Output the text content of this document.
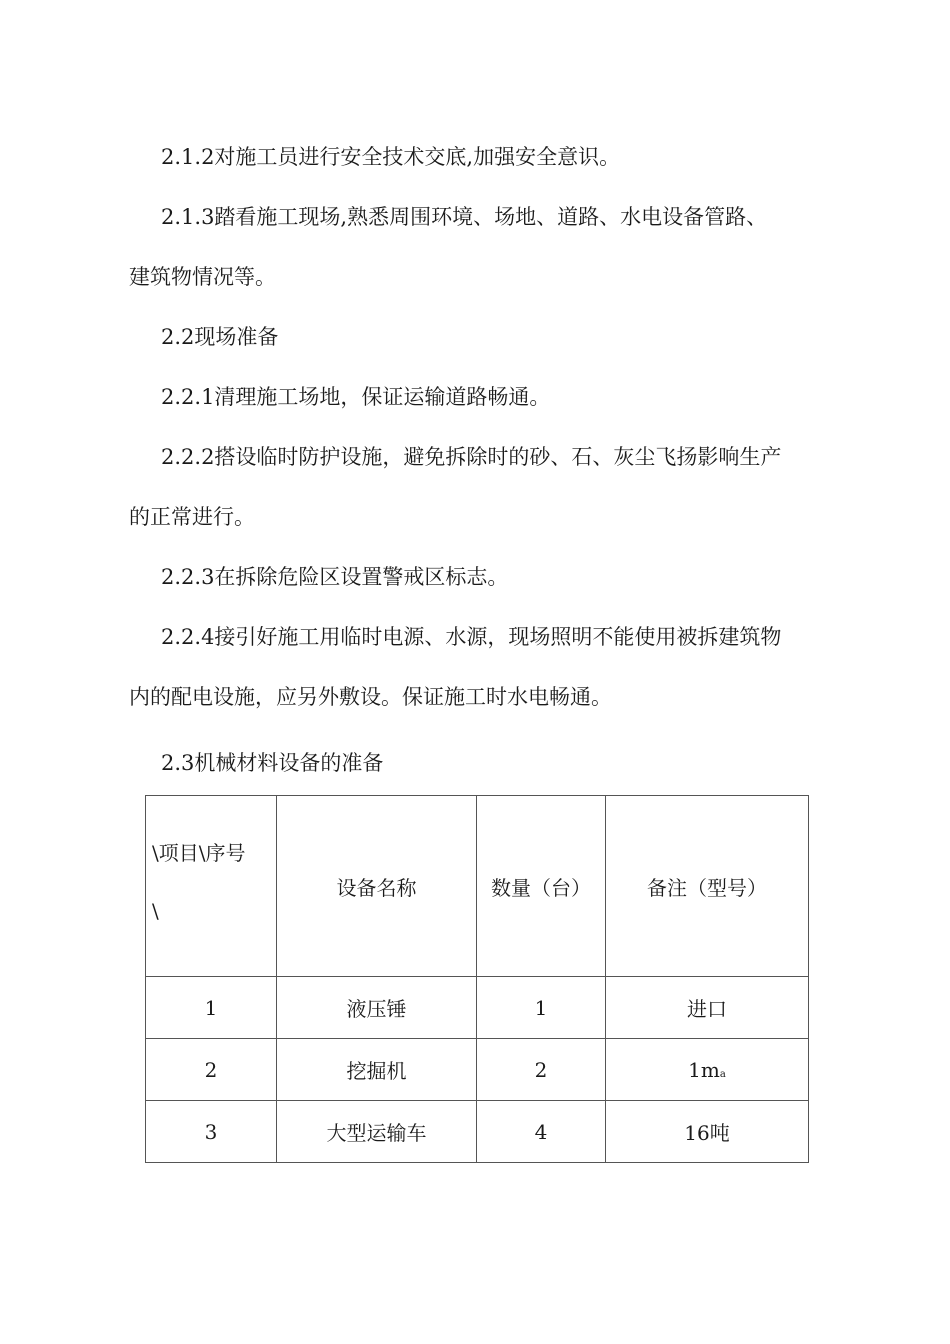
2.1.2对施工员进行安全技术交底,加强安全意识。

2.1.3踏看施工现场,熟悉周围环境、场地、道路、水电设备管路、

建筑物情况等。

2.2现场准备

2.2.1清理施工场地，保证运输道路畅通。

2.2.2搭设临时防护设施，避免拆除时的砂、石、灰尘飞扬影响生产

的正常进行。

2.2.3在拆除危险区设置警戒区标志。

2.2.4接引好施工用临时电源、水源，现场照明不能使用被拆建筑物

内的配电设施，应另外敷设。保证施工时水电畅通。

2.3机械材料设备的准备

\项目\序号
\	设备名称	数量（台）	备注（型号）
1	液压锤	1	进口
2	挖掘机	2	1ma
3	大型运输车	4	16吨
